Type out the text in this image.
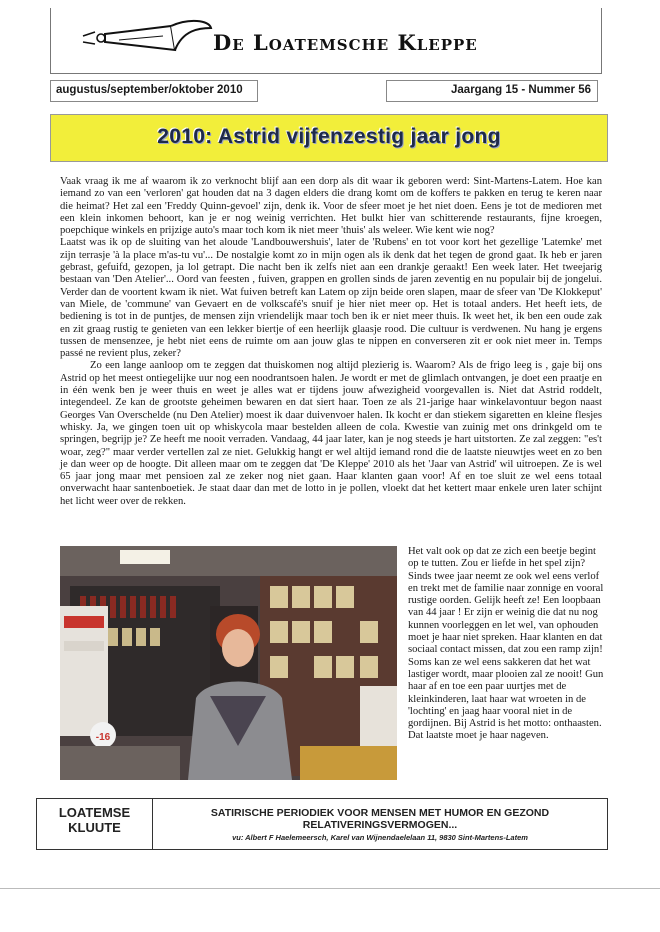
De Loatemsche Kleppe
augustus/september/oktober 2010	Jaargang 15 - Nummer 56
2010: Astrid vijfenzestig jaar jong

Vaak vraag ik me af waarom ik zo verknocht blijf aan een dorp als dit waar ik geboren werd: Sint-Martens-Latem. Hoe kan iemand zo van een 'verloren' gat houden dat na 3 dagen elders die drang komt om de koffers te pakken en terug te keren naar die heimat? Het zal een 'Freddy Quinn-gevoel' zijn, denk ik. Voor de sfeer moet je het niet doen. Eens je tot de medioren met een klein inkomen behoort, kan je er nog weinig verrichten. Het bulkt hier van schitterende restaurants, fijne kroegen, poepchique winkels en prijzige auto's maar toch kom ik niet meer 'thuis' als weleer. Wie kent wie nog?

Laatst was ik op de sluiting van het aloude 'Landbouwershuis', later de 'Rubens' en tot voor kort het gezellige 'Latemke' met zijn terrasje 'à la place m'as-tu vu'... De nostalgie komt zo in mijn ogen als ik denk dat het tegen de grond gaat. Ik heb er jaren gebrast, gefuifd, gezopen, ja lol getrapt. Die nacht ben ik zelfs niet aan een drankje geraakt! Een week later. Het tweejarig bestaan van 'Den Atelier'... Oord van feesten , fuiven, grappen en grollen sinds de jaren zeventig en nu populair bij de jongelui. Verder dan de voortent kwam ik niet. Wat fuiven betreft kan Latem op zijn beide oren slapen, maar de sfeer van 'De Klokkeput' van Miele, de 'commune' van Gevaert en de volkscafé's snuif je hier niet meer op. Het is totaal anders. Het heeft iets, de bediening is tot in de puntjes, de mensen zijn vriendelijk maar toch ben ik er niet meer thuis. Ik weet het, ik ben een oude zak en zit graag rustig te genieten van een lekker biertje of een heerlijk glaasje rood. Die cultuur is verdwenen. Nu hang je ergens tussen de mensenzee, je hebt niet eens de ruimte om aan jouw glas te nippen en converseren zit er ook niet meer in. Temps passé ne revient plus, zeker?

Zo een lange aanloop om te zeggen dat thuiskomen nog altijd plezierig is. Waarom? Als de frigo leeg is , gaje bij ons Astrid op het meest ontiegelijke uur nog een noodrantsoen halen. Je wordt er met de glimlach ontvangen, je doet een praatje en in één wenk ben je weer thuis en weet je alles wat er tijdens jouw afwezigheid voorgevallen is. Niet dat Astrid roddelt, integendeel. Ze kan de grootste geheimen bewaren en dat siert haar. Toen ze als 21-jarige haar winkelavontuur begon naast Georges Van Overschelde (nu Den Atelier) moest ik daar duivenvoer halen. Ik kocht er dan stiekem sigaretten en kleine flesjes whisky. Ja, we gingen toen uit op whiskycola maar bestelden alleen de cola. Kwestie van zuinig met ons drinkgeld om te springen, begrijp je? Ze heeft me nooit verraden. Vandaag, 44 jaar later, kan je nog steeds je hart uitstorten. Ze zal zeggen: "es't woar, zeg?" maar verder vertellen zal ze niet. Gelukkig hangt er wel altijd iemand rond die de laatste nieuwtjes weet en zo ben je dan weer op de hoogte. Dit alleen maar om te zeggen dat 'De Kleppe' 2010 als het 'Jaar van Astrid' wil uitroepen. Ze is wel 65 jaar jong maar met pensioen zal ze zeker nog niet gaan. Haar klanten gaan voor! Af en toe sluit ze wel eens totaal onverwacht haar santenboetiek. Je staat daar dan met de lotto in je pollen, vloekt dat het kettert maar enkele uren later schijnt het licht weer over de rekken.

-16
Het valt ook op dat ze zich een beetje begint op te tutten. Zou er liefde in het spel zijn? Sinds twee jaar neemt ze ook wel eens verlof en trekt met de familie naar zonnige en vooral rustige oorden. Gelijk heeft ze! Een loopbaan van 44 jaar ! Er zijn er weinig die dat nu nog kunnen voorleggen en let wel, van ophouden moet je haar niet spreken. Haar klanten en dat sociaal contact missen, dat zou een ramp zijn! Soms kan ze wel eens sakkeren dat het wat lastiger wordt, maar plooien zal ze nooit! Gun haar af en toe een paar uurtjes met de kleinkinderen, laat haar wat wroeten in de 'lochting' en jaag haar vooral niet in de gordijnen. Bij Astrid is het motto: onthaasten. Dat laatste moet je haar nageven.
LOATEMSE
KLUUTE
SATIRISCHE PERIODIEK VOOR MENSEN MET HUMOR EN GEZOND
RELATIVERINGSVERMOGEN...
vu: Albert F Haelemeersch, Karel van Wijnendaelelaan 11, 9830 Sint-Martens-Latem
